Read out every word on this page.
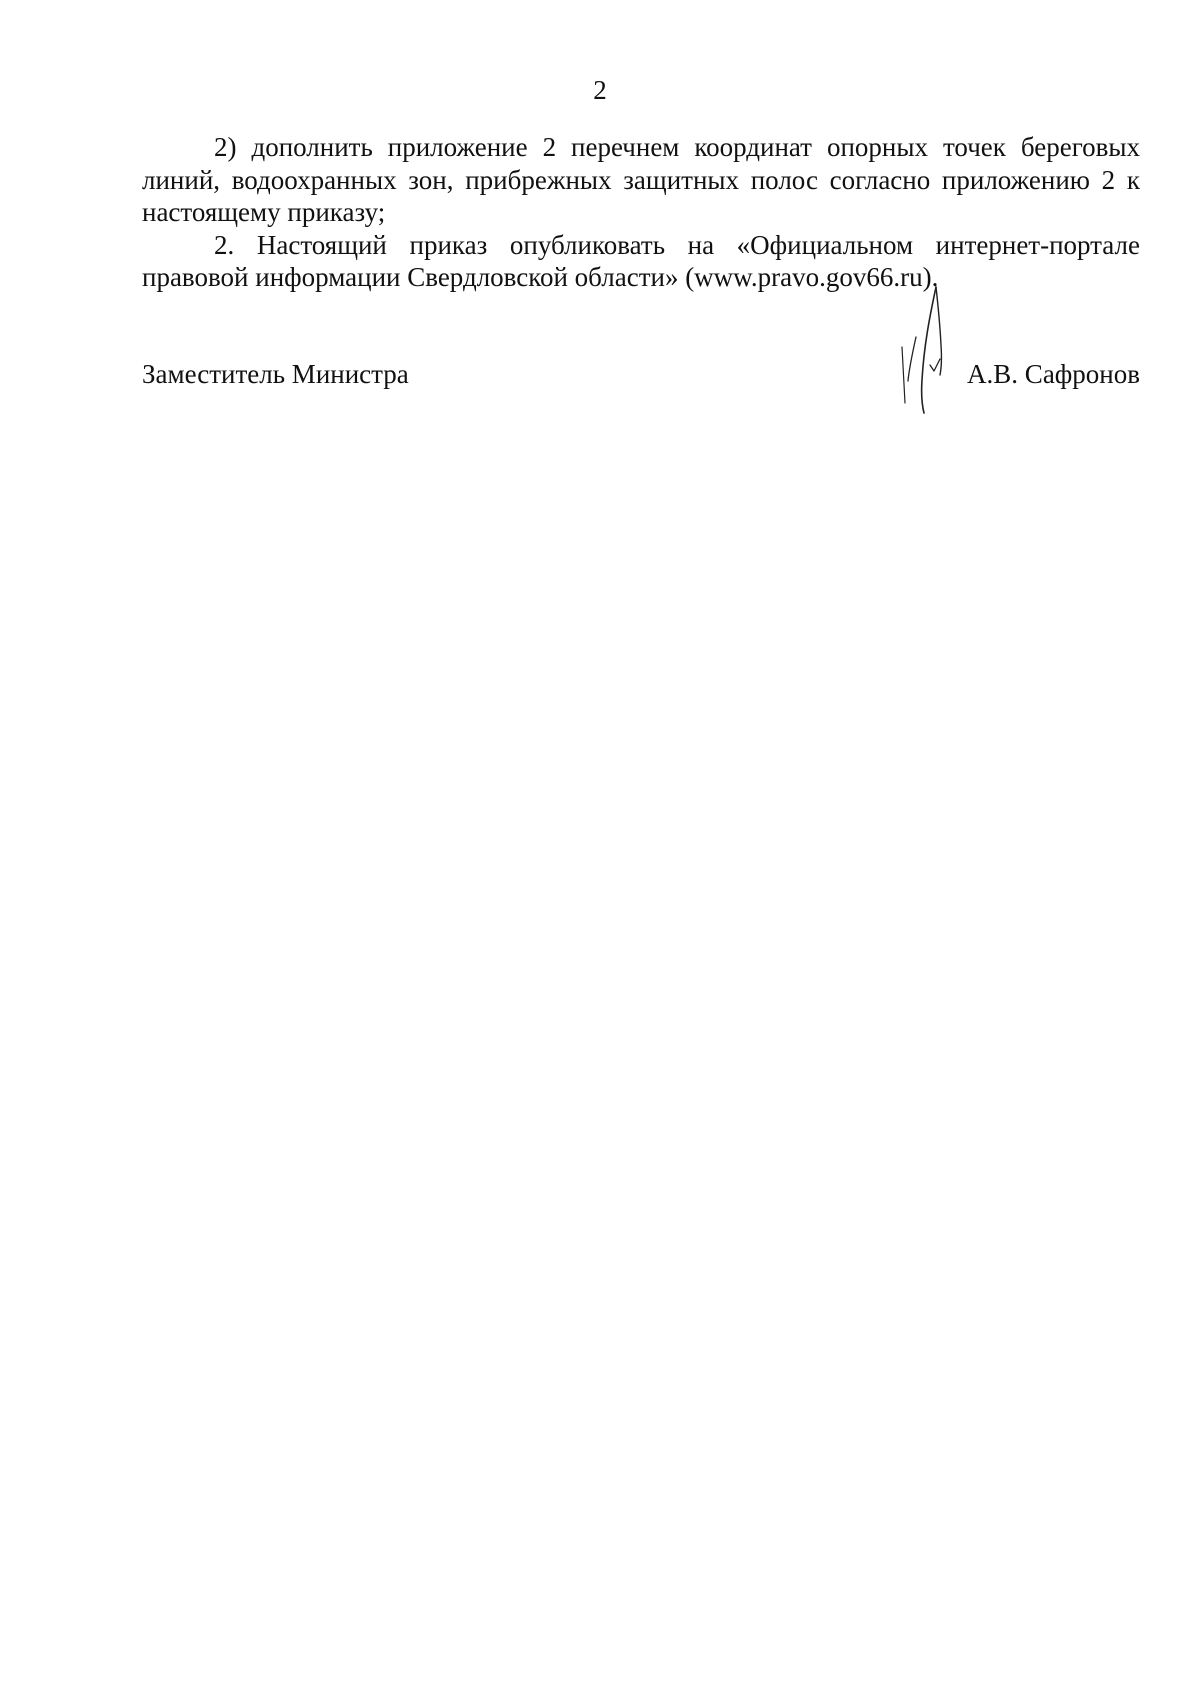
2

2) дополнить приложение 2 перечнем координат опорных точек береговых линий, водоохранных зон, прибрежных защитных полос согласно приложению 2 к настоящему приказу;

2. Настоящий приказ опубликовать на «Официальном интернет-портале правовой информации Свердловской области» (www.pravo.gov66.ru).

Заместитель Министра	А.В. Сафронов
